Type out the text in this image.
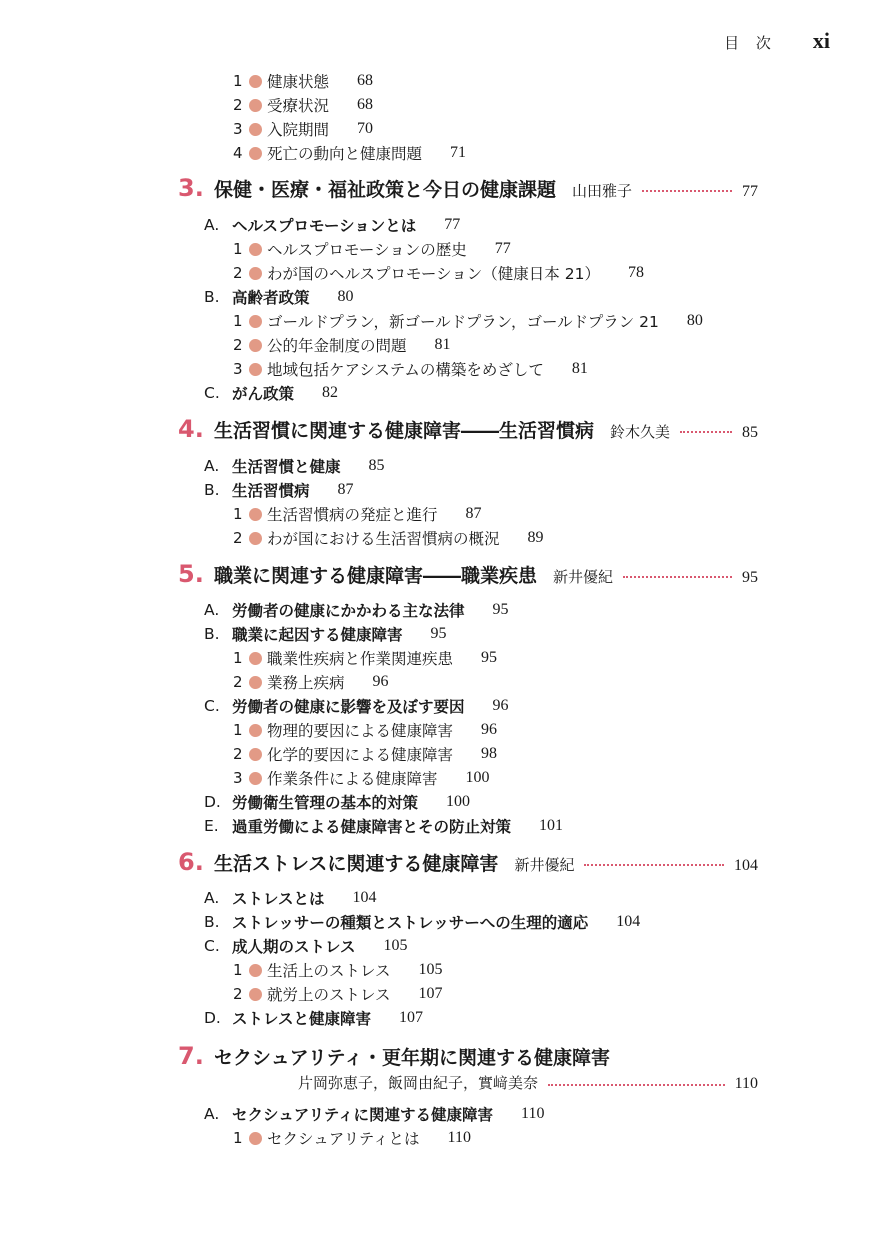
目 次 xi
1 健康状態 68
2 受療状況 68
3 入院期間 70
4 死亡の動向と健康問題 71
3. 保健・医療・福祉政策と今日の健康課題 山田雅子	77
A. ヘルスプロモーションとは 77
1 ヘルスプロモーションの歴史 77
2 わが国のヘルスプロモーション（健康日本 21） 78
B. 高齢者政策 80
1 ゴールドプラン，新ゴールドプラン，ゴールドプラン 21 80
2 公的年金制度の問題 81
3 地域包括ケアシステムの構築をめざして 81
C. がん政策 82
4. 生活習慣に関連する健康障害――生活習慣病 鈴木久美	85
A. 生活習慣と健康 85
B. 生活習慣病 87
1 生活習慣病の発症と進行 87
2 わが国における生活習慣病の概況 89
5. 職業に関連する健康障害――職業疾患 新井優紀	95
A. 労働者の健康にかかわる主な法律 95
B. 職業に起因する健康障害 95
1 職業性疾病と作業関連疾患 95
2 業務上疾病 96
C. 労働者の健康に影響を及ぼす要因 96
1 物理的要因による健康障害 96
2 化学的要因による健康障害 98
3 作業条件による健康障害 100
D. 労働衛生管理の基本的対策 100
E. 過重労働による健康障害とその防止対策 101
6. 生活ストレスに関連する健康障害 新井優紀	104
A. ストレスとは 104
B. ストレッサーの種類とストレッサーへの生理的適応 104
C. 成人期のストレス 105
1 生活上のストレス 105
2 就労上のストレス 107
D. ストレスと健康障害 107
7. セクシュアリティ・更年期に関連する健康障害
片岡弥恵子，飯岡由紀子，實﨑美奈	110
A. セクシュアリティに関連する健康障害 110
1 セクシュアリティとは 110
